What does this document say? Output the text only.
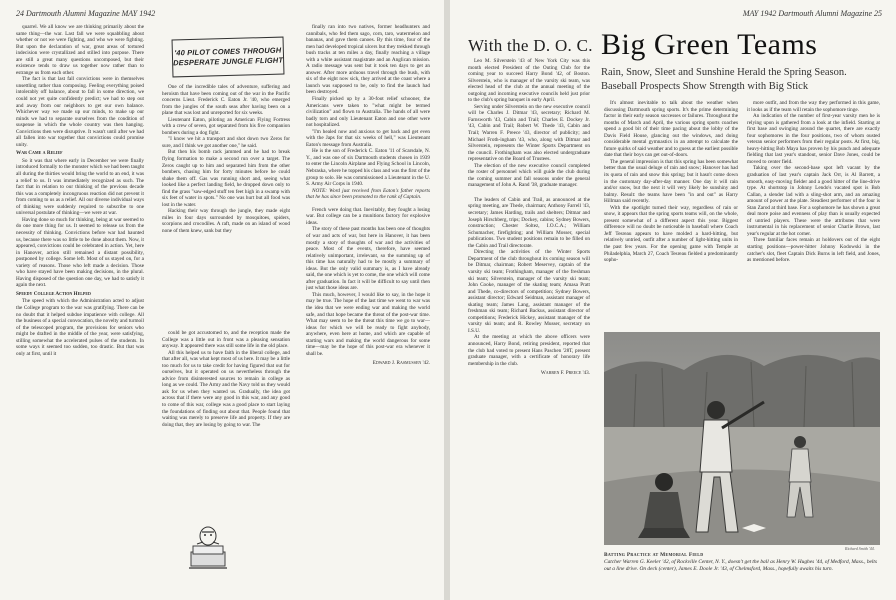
24 Dartmouth Alumni Magazine MAY 1942

quarrel. We all know we are thinking primarily about the same thing—the war. Last fall we were squabbling about whether or not we were fighting, and who we were fighting. But upon the declaration of war, great areas of tortured indecision were crystallized and stilled into purpose. There are still a great many questions uncomposed, but their existence tends to draw us together now rather than to estrange us from each other.

The fact is that last fall convictions were in themselves unsettling rather than composing. Feeling everything poised intolerably off balance, about to fall in some direction, we could not yet quite confidently predict; we had to step out and away from our neighbors to get our own balance. Whichever way we made up our minds, to make up our minds we had to separate ourselves from the condition of suspense in which the whole country was then hanging. Convictions then were disruptive. It wasn't until after we had all fallen into war together that convictions could promise unity.

War Came a Relief

So it was that where early in December we were finally introduced formally to the monster which we had been taught all during the thirties would bring the world to an end, it was a relief to us. It was immediately recognized as such. The fact that in relation to our thinking of the previous decade this was a completely incongruous reaction did not prevent it from coming to us as a relief. All our diverse individual ways of thinking were suddenly required to subscribe to one universal postulate of thinking—we were at war.

Having done so much for thinking, being at war seemed to do one more thing for us. It seemed to release us from the necessity of thinking. Convictions before war had haunted us, because there was so little to be done about them. Now, it appeared, convictions could be celebrated in action. Yet, here in Hanover, action still remained a distant possibility, postponed by college. Some left. Most of us stayed on, for a variety of reasons. Those who left made a decision. Those who have stayed have been making decisions, in the plural. Having disposed of the question one day, we had to satisfy it again the next.

Speedy College Action Helped

The speed with which the Administration acted to adjust the College program to the war was gratifying. There can be no doubt that it helped subdue impatience with college. All the business of a special convocation, the novelty and turmoil of the telescoped program, the provisions for seniors who might be drafted in the middle of the year, were satisfying, stilling somewhat the accelerated pulses of the students. In some ways it seemed too sudden, too drastic. But that was only at first, until it

'40 PILOT COMES THROUGH
DESPERATE JUNGLE FLIGHT

One of the incredible tales of adventure, suffering and heroism that have been coming out of the war in the Pacific concerns Lieut. Frederick C. Eaton Jr. '40, who emerged from the jungles of the south seas after having been on a plane that was lost and unreported for six weeks.

Lieutenant Eaton, piloting an American Flying Fortress with a crew of seven, got separated from his five companion bombers during a dog fight.

"I know we hit a transport and shot down two Zeros for sure, and I think we got another one," he said.

But then his bomb rack jammed and he had to break flying formation to make a second run over a target. The Zeros caught up to him and separated him from the other bombers, chasing him for forty minutes before he could shake them off. Gas was running short and, seeing what looked like a perfect landing field, he dropped down only to find the grass "saw-edged stuff ten feet high in a swamp with six feet of water in spots." No one was hurt but all food was lost in the water.

Hacking their way through the jungle, they made eight miles in four days surrounded by mosquitoes, spiders, scorpions and crocodiles. A raft, made on an island of wood none of them knew, sank but they

could be got accustomed to, and the reception made the College was a little out in front was a pleasing sensation anyway. It appeared there was still some life in the old place.

All this helped us to have faith in the liberal college, and that after all, was what kept most of us here. It may be a little too much for us to take credit for having figured that out for ourselves, but it operated on us nevertheless through the advice from disinterested sources to remain in college as long as we could. The Army and the Navy told us they would ask for us when they wanted us. Gradually, the idea got across that if there were any good in this war, and any good to come of this war, college was a good place to start laying the foundations of finding out about that. People found that waiting was merely to preserve life and property. If they are doing that, they are losing by going to war. The

finally ran into two natives, former headhunters and cannibals, who fed them sago, corn, taro, watermelon and bananas, and gave them canoes. By this time, four of the men had developed tropical ulcers but they trekked through bush tracks at ten miles a day, finally reaching a village with a white assistant magistrate and an Anglican mission. A radio message was sent but it took ten days to get an answer. After more arduous travel through the bush, with six of the eight now sick, they arrived at the coast where a launch was supposed to be, only to find the launch had been destroyed.

Finally picked up by a 30-foot relief schooner, the Americans were taken to "what might be termed civilization" and flown to Australia. The hands of all were badly torn and only Lieutenant Eaton and one other were not hospitalized.

"I'm healed now and anxious to get back and get even with the Japs for that six weeks of hell," was Lieutenant Eaton's message from Australia.

He is the son of Frederick C. Eaton '11 of Scarsdale, N. Y., and was one of six Dartmouth students chosen in 1939 to enter the Lincoln Airplane and Flying School in Lincoln, Nebraska, where he topped his class and was the first of the group to solo. He was commissioned a Lieutenant in the U. S. Army Air Corps in 1940.

NOTE: Word just received from Eaton's father reports that he has since been promoted to the rank of Captain.

French were doing that. Inevitably, they fought a losing war. But college can be a munitions factory for explosive ideas.

The story of these past months has been one of thoughts of war and acts of war, but here in Hanover, it has been mostly a story of thoughts of war and the activities of peace. Most of the events, therefore, have seemed relatively unimportant, irrelevant, so the summing up of this time has naturally had to be mostly a summary of ideas. But the only valid summary is, as I have already said, the one which is yet to come, the one which will come after graduation. In fact it will be difficult to say until then just what those ideas are.

This much, however, I would like to say, in the hope it may be true. The hope of the last time we went to war was the idea that we were ending war and making the world safe, and that hope became the threat of the post-war time. What may seem to be the threat this time we go to war—ideas for which we will be ready to fight anybody, anywhere, even here at home, and which are capable of starting wars and making the world dangerous for some time—may be the hope of this post-war era whenever it shall be.

Edward J. Rasmussen '42.

MAY 1942 Dartmouth Alumni Magazine 25
With the D. O. C.

Leo M. Silverstein '43 of New York City was this month elected President of the Outing Club for the coming year to succeed Harry Bond '42, of Boston. Silverstein, who is manager of the varsity ski team, was elected head of the club at the annual meeting of the outgoing and incoming executive councils held just prior to the club's spring banquet in early April.

Serving under Silverstein on the new executive council will be Charles J. Ditmar '43, secretary; Richard M. Farnsworth '43, Cabin and Trail; Charles E. Dockey Jr. '43, Cabin and Trail; Robert W. Thede '43, Cabin and Trail; Warren F. Preece '43, director of publicity; and Michael Froth-ingham '43, who, along with Ditmar and Silverstein, represents the Winter Sports Department on the council. Frothingham was also elected undergraduate representative on the Board of Trustees.

The election of the new executive council completed the roster of personnel which will guide the club during the coming summer and fall seasons under the general management of John A. Rand '38, graduate manager.

The leaders of Cabin and Trail, as announced at the spring meeting, are Thede, chairman; Anthony Farrell '43, secretary; James Harding, trails and shelters; Ditmar and Joseph Hirschberg, trips; Dockey, cabins; Sydney Bowers, construction; Chester Soltez, I.O.C.A.; William Schumacher, firefighting; and William Mosser, special publications. Two student positions remain to be filled on the Cabin and Trail directorate.

Directing the activities of the Winter Sports Department of the club throughout its coming season will be Ditmar, chairman; Robert Meservey, captain of the varsity ski team; Frothingham, manager of the freshman ski team; Silverstein, manager of the varsity ski team; John Cooke, manager of the skating team; Amasa Pratt and Thede, co-directors of competition; Sydney Bowers, assistant director; Edward Seidman, assistant manager of skating team; James Lang, assistant manager of the freshman ski team; Richard Backus, assistant director of competitions; Frederick Hickey, assistant manager of the varsity ski team; and R. Rowley Musser, secretary on I.S.U.

At the meeting at which the above officers were announced, Harry Bond, retiring president, reported that the club had voted to present Hans Paschen '28T, present graduate manager, with a certificate of honorary life membership in the club.

Warren F. Preece '43.

Big Green Teams
Rain, Snow, Sleet and Sunshine Herald the Spring Season. Baseball Prospects Show Strength with Big Stick

It's almost inevitable to talk about the weather when discussing Dartmouth spring sports. It's the prime determining factor in their early season successes or failures. Throughout the months of March and April, the various spring sports coaches spend a good bit of their time pacing about the lobby of the Davis Field House, glancing out the windows, and doing considerable mental gymnastics in an attempt to calculate the future quirks of said weather and to guess at the earliest possible date that their boys can get out-of-doors.

The general impression is that this spring has been somewhat better than the usual deluge of rain and snow; Hanover has had its quota of rain and snow this spring; but it hasn't come down in the customary day-after-day manner. One day it will rain and/or snow, but the next it will very likely be sunshiny and balmy. Result: the teams have been "in and out" as Harry Hillman said recently.

With the spotlight turned their way, regardless of rain or snow, it appears that the spring sports teams will, on the whole, present somewhat of a different aspect this year. Biggest difference will no doubt be noticeable in baseball where Coach Jeff Tesreau appears to have molded a hard-hitting, but relatively untried, outfit after a number of light-hitting units in the past few years. For the opening game with Temple at Philadelphia, March 27, Coach Tesreau fielded a predominantly sopho-

more outfit, and from the way they performed in this game, it looks as if the team will retain the sophomore tinge.

An indication of the number of first-year varsity men he is relying upon is gathered from a look at the infield. Starting at first base and swinging around the quartet, there are exactly four sophomores in the four positions, two of whom ousted veteran senior performers from their regular posts. At first, big, heavy-hitting Bob Maya has proven by his punch and adequate fielding that last year's standout, senior Dave Jones, could be moved to center field.

Taking over the second-base spot left vacant by the graduation of last year's captain Jack Orr, is Al Barrett, a smooth, easy-moving fielder and a good hitter of the line-drive type. At shortstop in Johnny Lendo's vacated spot is Bob Callan, a slender lad with a sling-shot arm, and an amazing amount of power at the plate. Steadiest performer of the four is Stan Zarod at third base. For a sophomore he has shown a great deal more poise and evenness of play than is usually expected of untried players. These were the attributes that were instrumental in his replacement of senior Charlie Brown, last year's regular at the hot corner.

Three familiar faces remain at holdovers out of the eight starting positions—power-hitter Johnny Kodowski in the catcher's slot, fleet Captain Dick Burns in left field, and Jones, as mentioned before.

Richard Smith '44.
Batting Practice at Memorial Field
Catcher Warren G. Keeler '42, of Rockville Center, N. Y., doesn't get the ball as Henry W. Hughes '44, of Medford, Mass., belts out a line drive. On deck (center), James E. Doole Jr. '43, of Chelmsford, Mass., hopefully awaits his turn.
